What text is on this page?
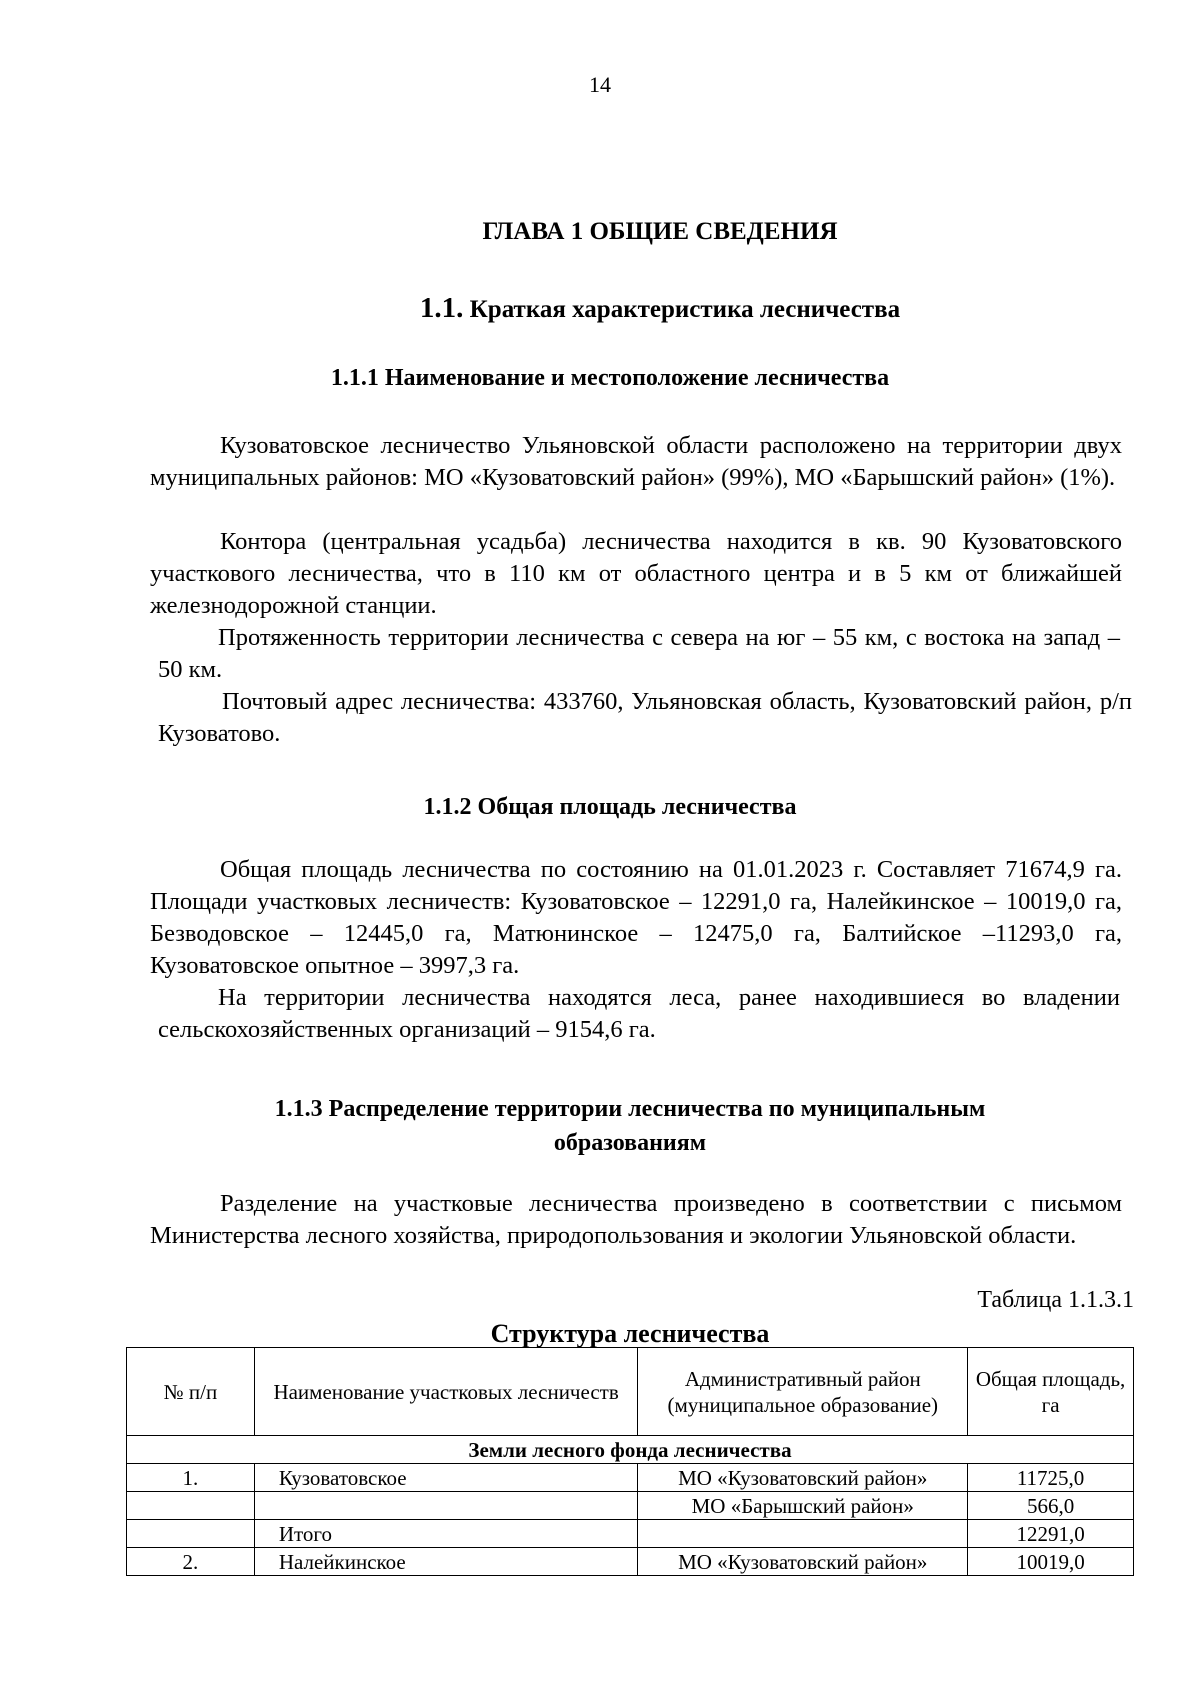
14
ГЛАВА 1 ОБЩИЕ СВЕДЕНИЯ
1.1. Краткая характеристика лесничества
1.1.1 Наименование и местоположение лесничества
Кузоватовское лесничество Ульяновской области расположено на территории двух муниципальных районов: МО «Кузоватовский район» (99%), МО «Барышский район» (1%).
Контора (центральная усадьба) лесничества находится в кв. 90 Кузоватовского участкового лесничества, что в 110 км от областного центра и в 5 км от ближайшей железнодорожной станции.
Протяженность территории лесничества с севера на юг – 55 км, с востока на запад – 50 км.
Почтовый адрес лесничества: 433760, Ульяновская область, Кузоватовский район, р/п Кузоватово.
1.1.2 Общая площадь лесничества
Общая площадь лесничества по состоянию на 01.01.2023 г. Составляет 71674,9 га. Площади участковых лесничеств: Кузоватовское – 12291,0 га, Налейкинское – 10019,0 га, Безводовское – 12445,0 га, Матюнинское – 12475,0 га, Балтийское –11293,0 га, Кузоватовское опытное – 3997,3 га.
На территории лесничества находятся леса, ранее находившиеся во владении сельскохозяйственных организаций – 9154,6 га.
1.1.3 Распределение территории лесничества по муниципальным
образованиям
Разделение на участковые лесничества произведено в соответствии с письмом Министерства лесного хозяйства, природопользования и экологии Ульяновской области.
Таблица 1.1.3.1
Структура лесничества
№ п/п	Наименование участковых лесничеств	Административный район (муниципальное образование)	Общая площадь, га
Земли лесного фонда лесничества			
1.	Кузоватовское	МО «Кузоватовский район»	11725,0
		МО «Барышский район»	566,0
	Итого		12291,0
2.	Налейкинское	МО «Кузоватовский район»	10019,0
